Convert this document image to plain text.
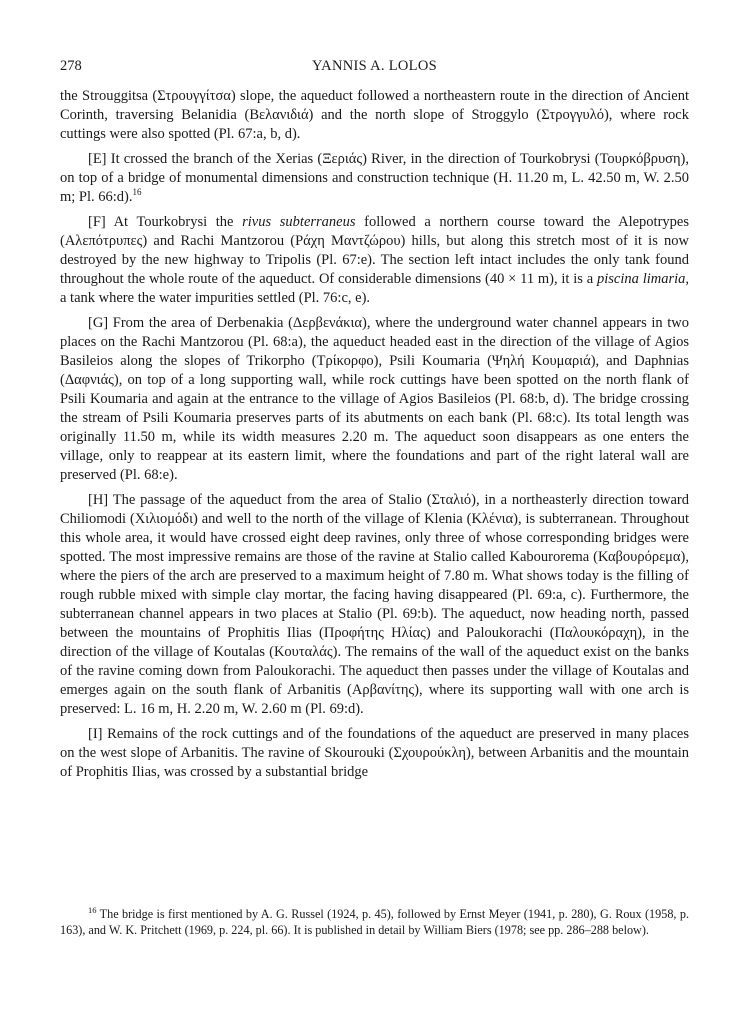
278	YANNIS A. LOLOS

the Strouggitsa (Στρουγγίτσα) slope, the aqueduct followed a northeastern route in the direction of Ancient Corinth, traversing Belanidia (Βελανιδιά) and the north slope of Stroggylo (Στρογγυλό), where rock cuttings were also spotted (Pl. 67:a, b, d).

[E] It crossed the branch of the Xerias (Ξεριάς) River, in the direction of Tourkobrysi (Τουρκόβρυση), on top of a bridge of monumental dimensions and construction technique (H. 11.20 m, L. 42.50 m, W. 2.50 m; Pl. 66:d).$^{16}$

[F] At Tourkobrysi the rivus subterraneus followed a northern course toward the Alepotrypes (Αλεπότρυπες) and Rachi Mantzorou (Ράχη Μαντζώρου) hills, but along this stretch most of it is now destroyed by the new highway to Tripolis (Pl. 67:e). The section left intact includes the only tank found throughout the whole route of the aqueduct. Of considerable dimensions (40 × 11 m), it is a piscina limaria, a tank where the water impurities settled (Pl. 76:c, e).

[G] From the area of Derbenakia (Δερβενάκια), where the underground water channel appears in two places on the Rachi Mantzorou (Pl. 68:a), the aqueduct headed east in the direction of the village of Agios Basileios along the slopes of Trikorpho (Τρίκορφο), Psili Koumaria (Ψηλή Κουμαριά), and Daphnias (Δαφνιάς), on top of a long supporting wall, while rock cuttings have been spotted on the north flank of Psili Koumaria and again at the entrance to the village of Agios Basileios (Pl. 68:b, d). The bridge crossing the stream of Psili Koumaria preserves parts of its abutments on each bank (Pl. 68:c). Its total length was originally 11.50 m, while its width measures 2.20 m. The aqueduct soon disappears as one enters the village, only to reappear at its eastern limit, where the foundations and part of the right lateral wall are preserved (Pl. 68:e).

[H] The passage of the aqueduct from the area of Stalio (Σταλιό), in a northeasterly direction toward Chiliomodi (Χιλιομόδι) and well to the north of the village of Klenia (Κλένια), is subterranean. Throughout this whole area, it would have crossed eight deep ravines, only three of whose corresponding bridges were spotted. The most impressive remains are those of the ravine at Stalio called Kabourorema (Καβουρόρεμα), where the piers of the arch are preserved to a maximum height of 7.80 m. What shows today is the filling of rough rubble mixed with simple clay mortar, the facing having disappeared (Pl. 69:a, c). Furthermore, the subterranean channel appears in two places at Stalio (Pl. 69:b). The aqueduct, now heading north, passed between the mountains of Prophitis Ilias (Προφήτης Ηλίας) and Paloukorachi (Παλουκόραχη), in the direction of the village of Koutalas (Κουταλάς). The remains of the wall of the aqueduct exist on the banks of the ravine coming down from Paloukorachi. The aqueduct then passes under the village of Koutalas and emerges again on the south flank of Arbanitis (Αρβανίτης), where its supporting wall with one arch is preserved: L. 16 m, H. 2.20 m, W. 2.60 m (Pl. 69:d).

[I] Remains of the rock cuttings and of the foundations of the aqueduct are preserved in many places on the west slope of Arbanitis. The ravine of Skourouki (Σχουρούκλη), between Arbanitis and the mountain of Prophitis Ilias, was crossed by a substantial bridge

$^{16}$ The bridge is first mentioned by A. G. Russel (1924, p. 45), followed by Ernst Meyer (1941, p. 280), G. Roux (1958, p. 163), and W. K. Pritchett (1969, p. 224, pl. 66). It is published in detail by William Biers (1978; see pp. 286–288 below).
